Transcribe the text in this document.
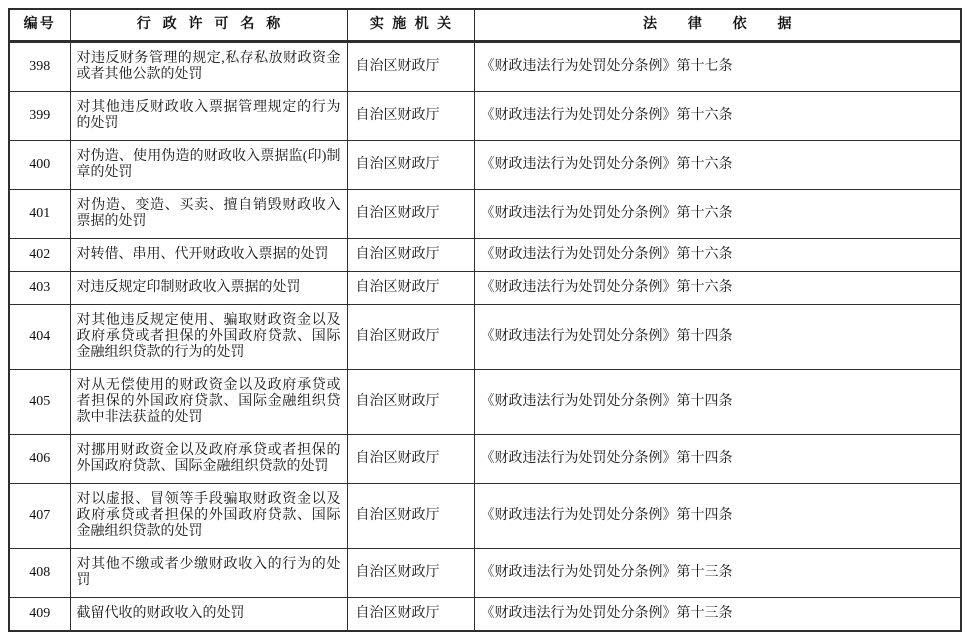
编号	行政许可名称	实施机关	法律依据
398	对违反财务管理的规定,私存私放财政资金或者其他公款的处罚	自治区财政厅	《财政违法行为处罚处分条例》第十七条
399	对其他违反财政收入票据管理规定的行为的处罚	自治区财政厅	《财政违法行为处罚处分条例》第十六条
400	对伪造、使用伪造的财政收入票据监(印)制章的处罚	自治区财政厅	《财政违法行为处罚处分条例》第十六条
401	对伪造、变造、买卖、擅自销毁财政收入票据的处罚	自治区财政厅	《财政违法行为处罚处分条例》第十六条
402	对转借、串用、代开财政收入票据的处罚	自治区财政厅	《财政违法行为处罚处分条例》第十六条
403	对违反规定印制财政收入票据的处罚	自治区财政厅	《财政违法行为处罚处分条例》第十六条
404	对其他违反规定使用、骗取财政资金以及政府承贷或者担保的外国政府贷款、国际金融组织贷款的行为的处罚	自治区财政厅	《财政违法行为处罚处分条例》第十四条
405	对从无偿使用的财政资金以及政府承贷或者担保的外国政府贷款、国际金融组织贷款中非法获益的处罚	自治区财政厅	《财政违法行为处罚处分条例》第十四条
406	对挪用财政资金以及政府承贷或者担保的外国政府贷款、国际金融组织贷款的处罚	自治区财政厅	《财政违法行为处罚处分条例》第十四条
407	对以虚报、冒领等手段骗取财政资金以及政府承贷或者担保的外国政府贷款、国际金融组织贷款的处罚	自治区财政厅	《财政违法行为处罚处分条例》第十四条
408	对其他不缴或者少缴财政收入的行为的处罚	自治区财政厅	《财政违法行为处罚处分条例》第十三条
409	截留代收的财政收入的处罚	自治区财政厅	《财政违法行为处罚处分条例》第十三条
